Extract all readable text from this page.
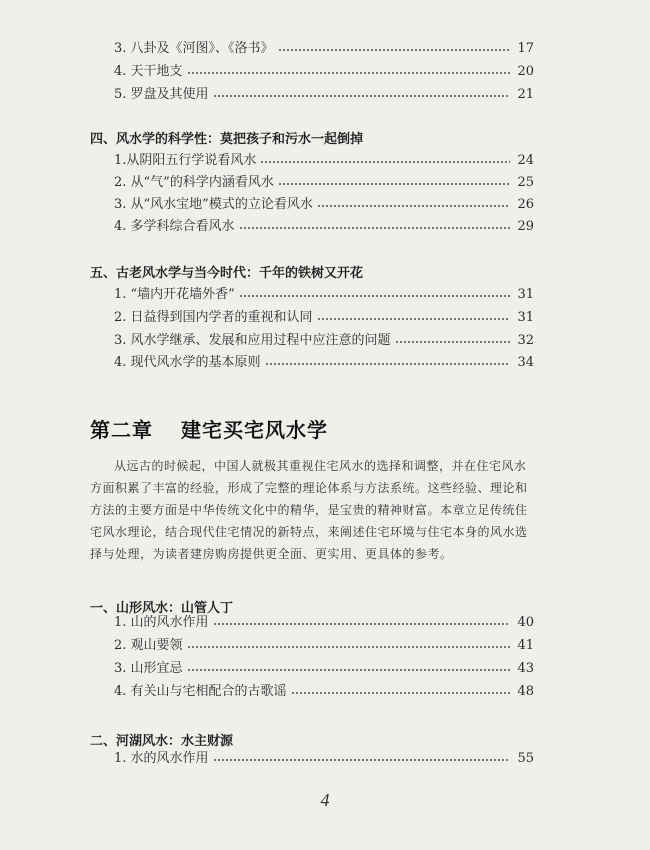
3. 八卦及《河图》、《洛书》	17
4. 天干地支	20
5. 罗盘及其使用	21
四、风水学的科学性：莫把孩子和污水一起倒掉
1.从阴阳五行学说看风水	24
2. 从“气”的科学内涵看风水	25
3. 从“风水宝地”模式的立论看风水	26
4. 多学科综合看风水	29
五、古老风水学与当今时代：千年的铁树又开花
1. “墙内开花墙外香”	31
2. 日益得到国内学者的重视和认同	31
3. 风水学继承、发展和应用过程中应注意的问题	32
4. 现代风水学的基本原则	34
第二章 建宅买宅风水学
从远古的时候起，中国人就极其重视住宅风水的选择和调整，并在住宅风水方面积累了丰富的经验，形成了完整的理论体系与方法系统。这些经验、理论和方法的主要方面是中华传统文化中的精华，是宝贵的精神财富。本章立足传统住宅风水理论，结合现代住宅情况的新特点，来阐述住宅环境与住宅本身的风水选择与处理，为读者建房购房提供更全面、更实用、更具体的参考。
一、山形风水：山管人丁
1. 山的风水作用	40
2. 观山要领	41
3. 山形宜忌	43
4. 有关山与宅相配合的古歌谣	48
二、河湖风水：水主财源
1. 水的风水作用	55
4
